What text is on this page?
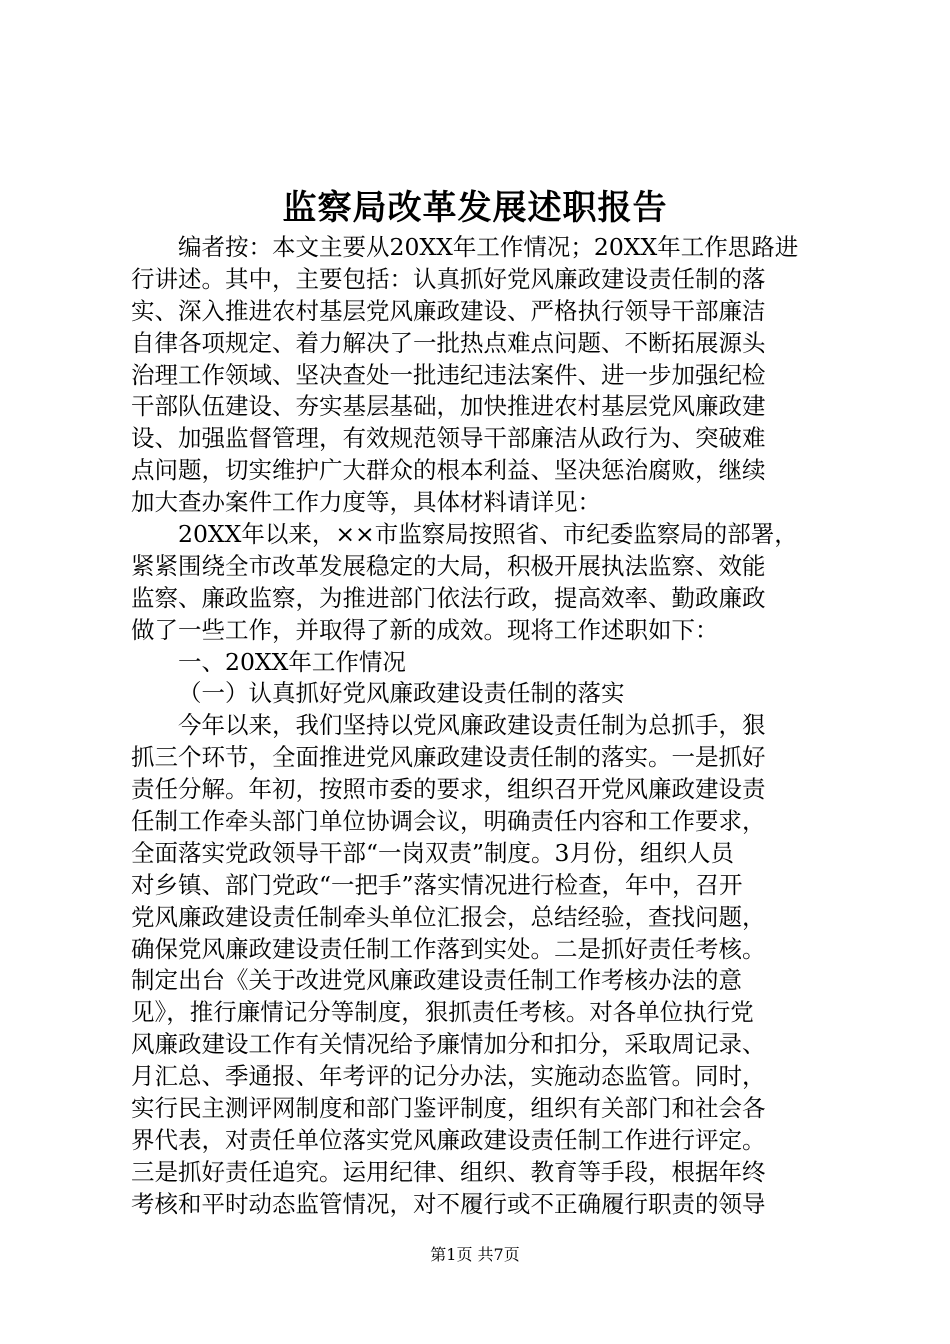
监察局改革发展述职报告
编者按：本文主要从20XX年工作情况；20XX年工作思路进
行讲述。其中，主要包括：认真抓好党风廉政建设责任制的落
实、深入推进农村基层党风廉政建设、严格执行领导干部廉洁
自律各项规定、着力解决了一批热点难点问题、不断拓展源头
治理工作领域、坚决查处一批违纪违法案件、进一步加强纪检
干部队伍建设、夯实基层基础，加快推进农村基层党风廉政建
设、加强监督管理，有效规范领导干部廉洁从政行为、突破难
点问题，切实维护广大群众的根本利益、坚决惩治腐败，继续
加大查办案件工作力度等，具体材料请详见：
20XX年以来，××市监察局按照省、市纪委监察局的部署，
紧紧围绕全市改革发展稳定的大局，积极开展执法监察、效能
监察、廉政监察，为推进部门依法行政，提高效率、勤政廉政
做了一些工作，并取得了新的成效。现将工作述职如下：
一、20XX年工作情况
（一）认真抓好党风廉政建设责任制的落实
今年以来，我们坚持以党风廉政建设责任制为总抓手，狠
抓三个环节，全面推进党风廉政建设责任制的落实。一是抓好
责任分解。年初，按照市委的要求，组织召开党风廉政建设责
任制工作牵头部门单位协调会议，明确责任内容和工作要求，
全面落实党政领导干部“一岗双责”制度。3月份，组织人员
对乡镇、部门党政“一把手”落实情况进行检查，年中，召开
党风廉政建设责任制牵头单位汇报会，总结经验，查找问题，
确保党风廉政建设责任制工作落到实处。二是抓好责任考核。
制定出台《关于改进党风廉政建设责任制工作考核办法的意
见》，推行廉情记分等制度，狠抓责任考核。对各单位执行党
风廉政建设工作有关情况给予廉情加分和扣分，采取周记录、
月汇总、季通报、年考评的记分办法，实施动态监管。同时，
实行民主测评网制度和部门鉴评制度，组织有关部门和社会各
界代表，对责任单位落实党风廉政建设责任制工作进行评定。
三是抓好责任追究。运用纪律、组织、教育等手段，根据年终
考核和平时动态监管情况，对不履行或不正确履行职责的领导
第1页 共7页
